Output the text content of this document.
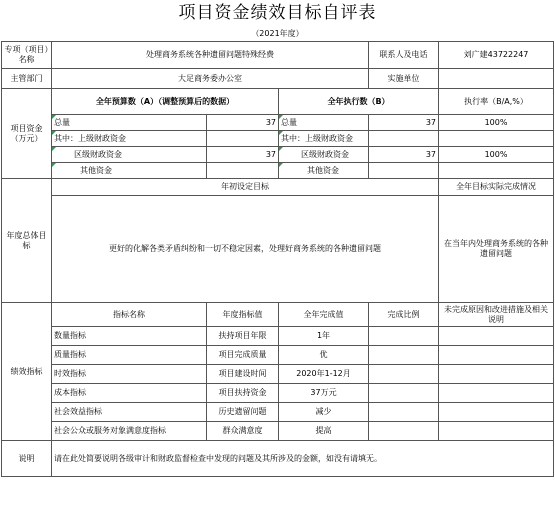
项目资金绩效目标自评表
（2021年度）
专项（项目）名称	处理商务系统各种遗留问题特殊经费			联系人及电话	刘广建43722247
主管部门	大足商务委办公室			实施单位	
项目资金（万元）	全年预算数（A）（调整预算后的数据）		全年执行数（B）		执行率（B/A,%）
	总量	37	总量	37	100%
	其中：上级财政资金		其中：上级财政资金		
	区级财政资金	37	区级财政资金	37	100%
	其他资金		其他资金		
年度总体目标	年初设定目标				全年目标实际完成情况
	更好的化解各类矛盾纠纷和一切不稳定因素，处理好商务系统的各种遗留问题				在当年内处理商务系统的各种遗留问题
绩效指标	指标名称	年度指标值	全年完成值	完成比例	未完成原因和改进措施及相关说明
	数量指标	扶持项目年限	1年		
	质量指标	项目完成质量	优		
	时效指标	项目建设时间	2020年1-12月		
	成本指标	项目扶持资金	37万元		
	社会效益指标	历史遗留问题	减少		
	社会公众或服务对象满意度指标	群众满意度	提高		
说明	请在此处简要说明各级审计和财政监督检查中发现的问题及其所涉及的金额，如没有请填无。				
